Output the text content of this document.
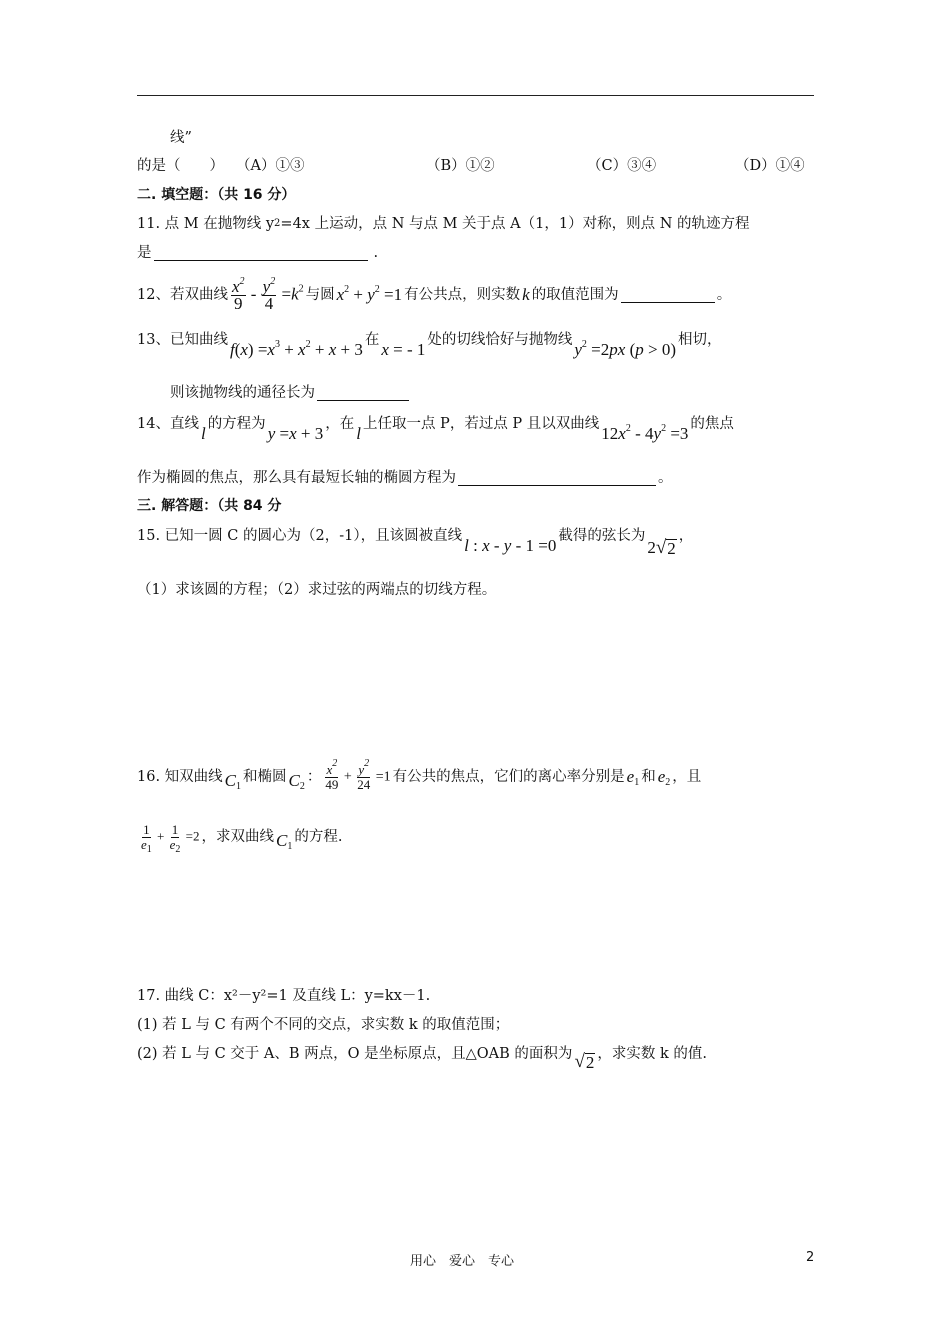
线”
的是（　　） （A）①③	（B）①②	（C）③④	（D）①④
二. 填空题：（共 16 分）
11. 点 M 在抛物线 y 2 =4x 上运动，点 N 与点 M 关于点 A（1，1）对称，则点 N 的轨迹方程
是	.
12、若双曲线 $\frac{x^2}{9} - \frac{y^2}{4} =k^2$ 与圆 $x^2 + y^2 =1$ 有公共点，则实数 k 的取值范围为	。
13、已知曲线 $f(x) =x^3 + x^2 + x + 3$ 在 x = - 1 处的切线恰好与抛物线 $y^2 =2px$ (p > 0) 相切，
则该抛物线的通径长为
14、直线 l 的方程为 y =x + 3 ，在 l 上任取一点 P，若过点 P 且以双曲线 $12x^2 - 4y^2 =3$ 的焦点
作为椭圆的焦点，那么具有最短长轴的椭圆方程为	。
三. 解答题：（共 84 分
15. 已知一圆 C 的圆心为（2，-1），且该圆被直线 l : x - y - 1 =0 截得的弦长为
2 √ 2
，
（1）求该圆的方程；（2）求过弦的两端点的切线方程。
16. 知双曲线 $C_1$
和椭圆 $C_2$
： $\frac{x^2}{49} + \frac{y^2}{24} =1$ 有公共的焦点，它们的离心率分别是 $e_1$ 和 $e_2$ ，且
$\frac{1}{e_1} + \frac{1}{e_2} =2$ ，求双曲线 $C_1$
的方程.
17. 曲线 C：x²－y²=1 及直线 L：y=kx－1.
(1) 若 L 与 C 有两个不同的交点，求实数 k 的取值范围；
(2) 若 L 与 C 交于 A、B 两点，O 是坐标原点，且△OAB 的面积为 √ 2 ，求实数 k 的值.
用心　爱心　专心	2
